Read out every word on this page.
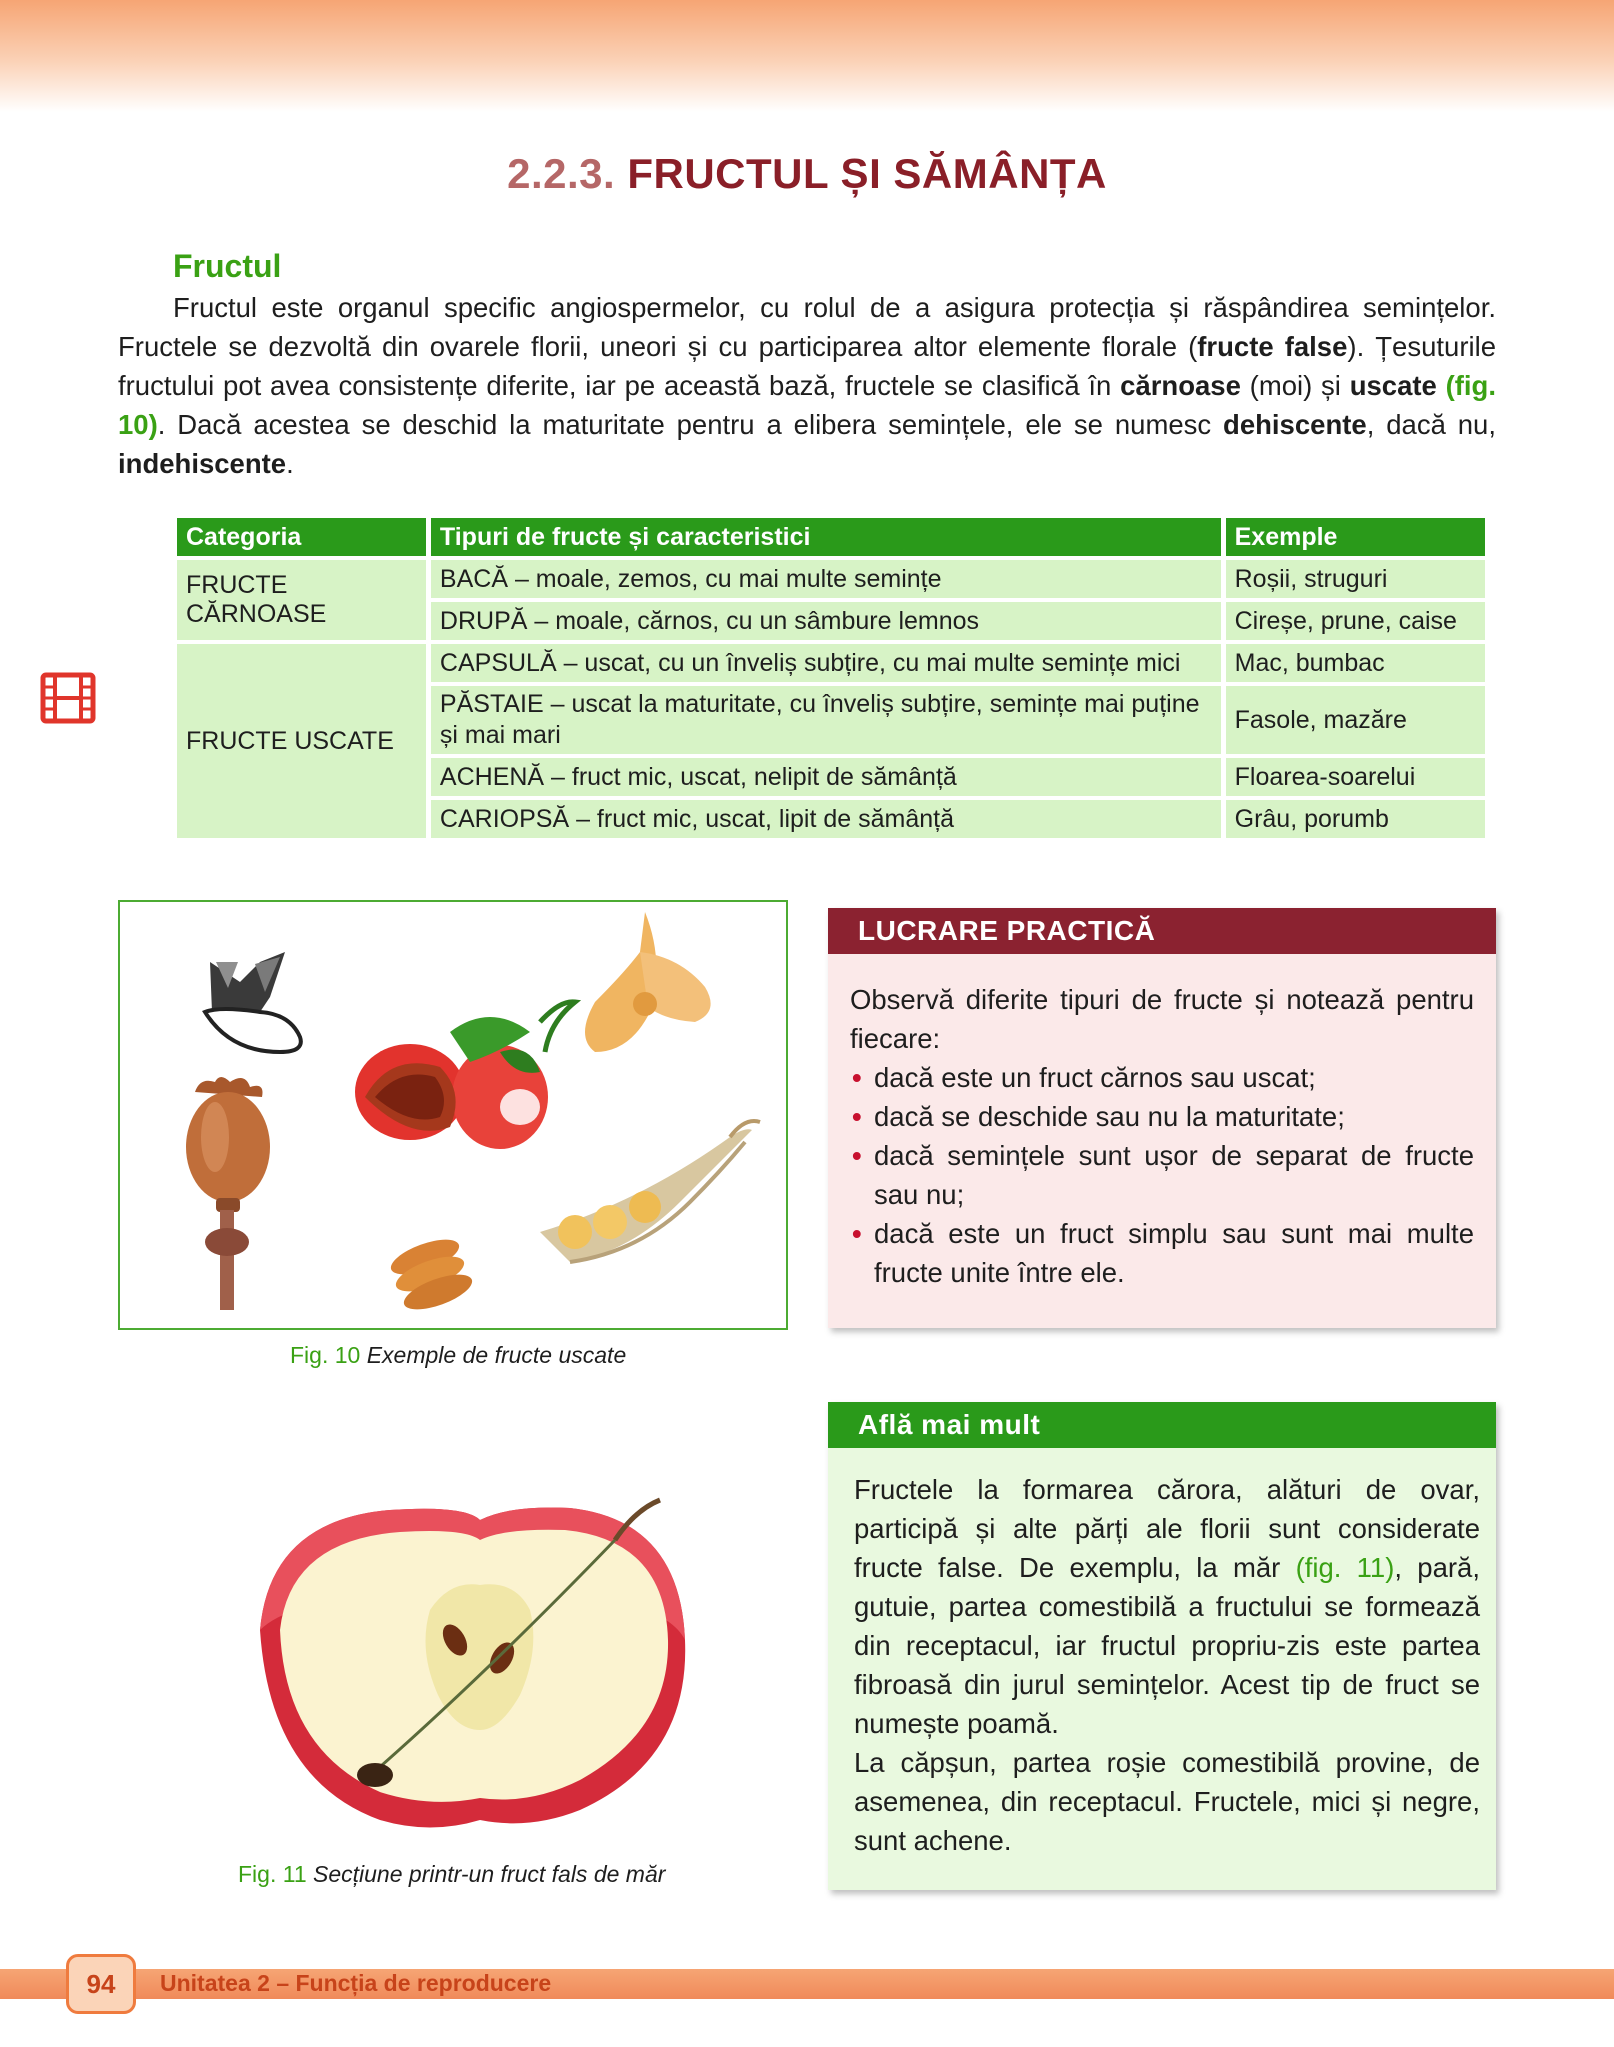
2.2.3. FRUCTUL ȘI SĂMÂNȚA
Fructul

Fructul este organul specific angiospermelor, cu rolul de a asigura protecția și răspândirea semințelor. Fructele se dezvoltă din ovarele florii, uneori și cu participarea altor elemente florale (fructe false). Țesuturile fructului pot avea consistențe diferite, iar pe această bază, fructele se clasifică în cărnoase (moi) și uscate (fig. 10). Dacă acestea se deschid la maturitate pentru a elibera semințele, ele se numesc dehiscente, dacă nu, indehiscente.

Categoria	Tipuri de fructe și caracteristici	Exemple
FRUCTE CĂRNOASE	BACĂ – moale, zemos, cu mai multe semințe	Roșii, struguri
	DRUPĂ – moale, cărnos, cu un sâmbure lemnos	Cireșe, prune, caise
FRUCTE USCATE	CAPSULĂ – uscat, cu un înveliș subțire, cu mai multe semințe mici	Mac, bumbac
	PĂSTAIE – uscat la maturitate, cu înveliș subțire, semințe mai puține și mai mari	Fasole, mazăre
	ACHENĂ – fruct mic, uscat, nelipit de sămânță	Floarea-soarelui
	CARIOPSĂ – fruct mic, uscat, lipit de sămânță	Grâu, porumb

Fig. 10 Exemple de fructe uscate

Fig. 11 Secțiune printr-un fruct fals de măr

LUCRARE PRACTICĂ

Observă diferite tipuri de fructe și notează pentru fiecare:

• dacă este un fruct cărnos sau uscat;
• dacă se deschide sau nu la maturitate;
• dacă semințele sunt ușor de separat de fructe sau nu;
• dacă este un fruct simplu sau sunt mai multe fructe unite între ele.
Află mai mult

Fructele la formarea cărora, alături de ovar, participă și alte părți ale florii sunt considerate fructe false. De exemplu, la măr (fig. 11), pară, gutuie, partea comestibilă a fructului se formează din receptacul, iar fructul propriu-zis este partea fibroasă din jurul semințelor. Acest tip de fruct se numește poamă.

La căpșun, partea roșie comestibilă provine, de asemenea, din receptacul. Fructele, mici și negre, sunt achene.

94	Unitatea 2 – Funcția de reproducere
